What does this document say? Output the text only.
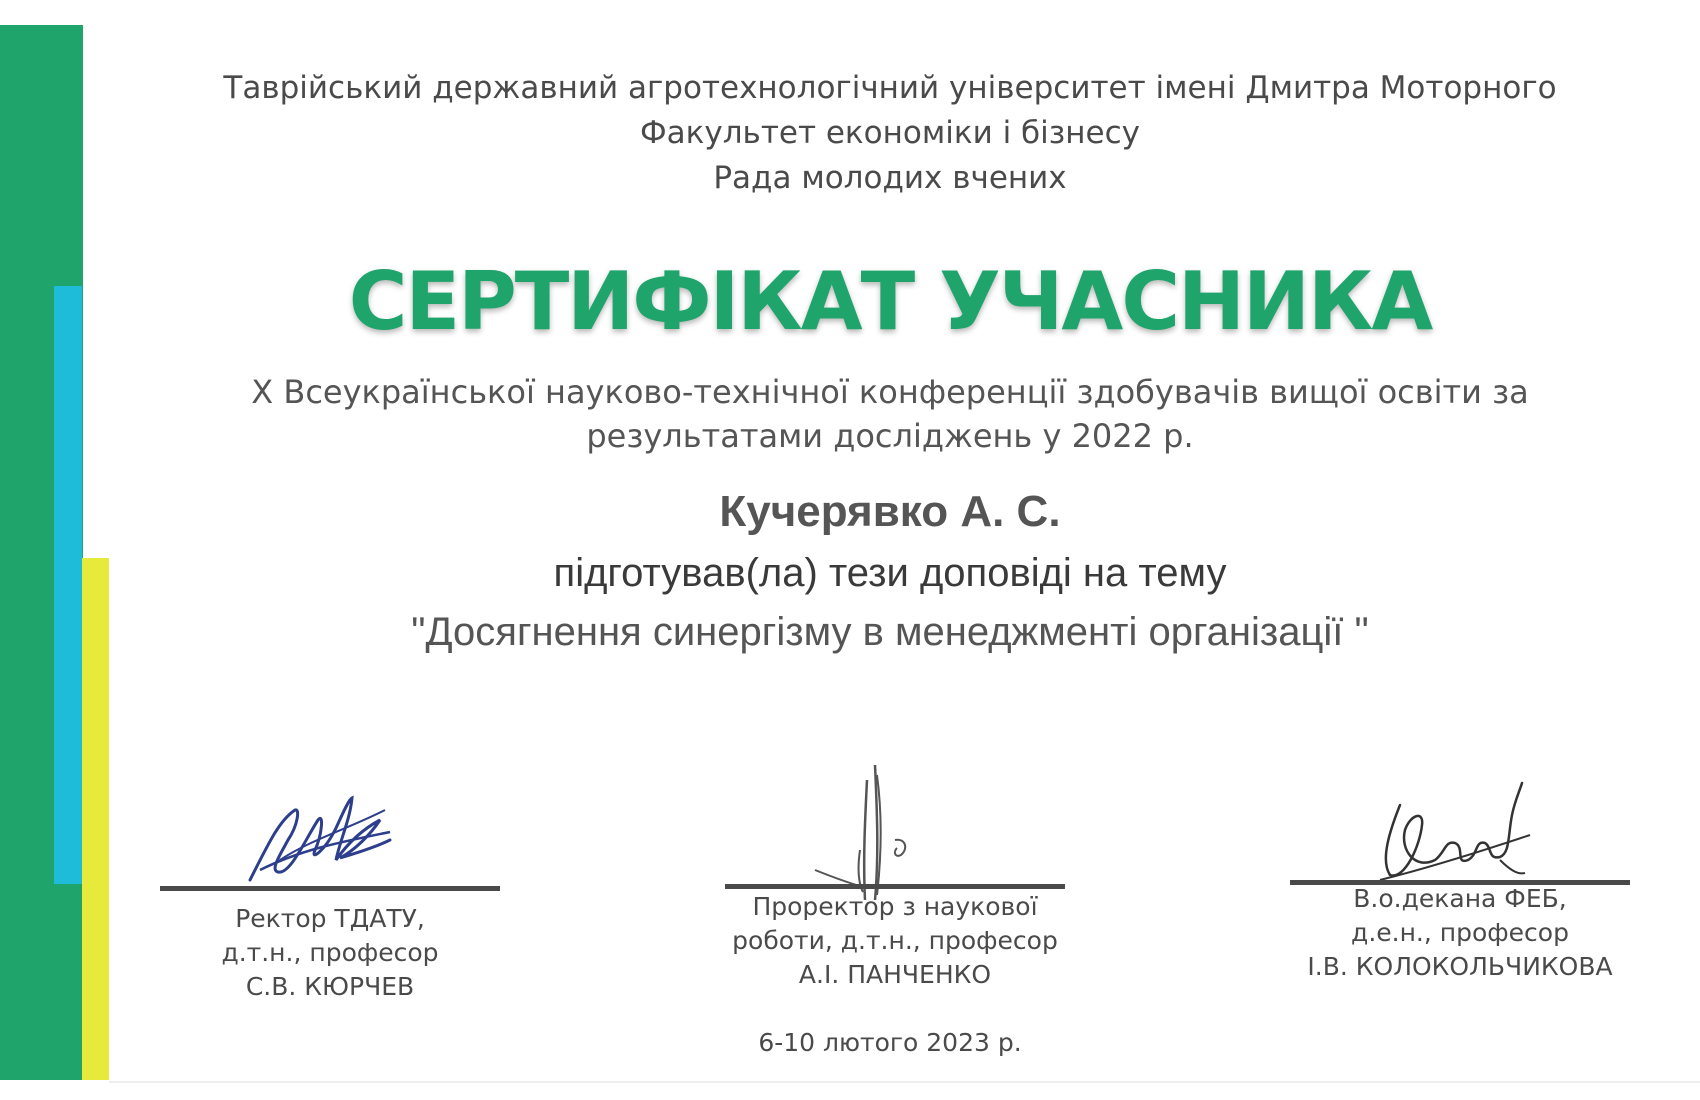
Таврійський державний агротехнологічний університет імені Дмитра Моторного
Факультет економіки і бізнесу
Рада молодих вчених
СЕРТИФІКАТ УЧАСНИКА
Х Всеукраїнської науково-технічної конференції здобувачів вищої освіти за
результатами досліджень у 2022 р.
Кучерявко А. С.
підготував(ла) тези доповіді на тему
"Досягнення синергізму в менеджменті організації "
Ректор ТДАТУ,
д.т.н., професор
С.В. КЮРЧЕВ
Проректор з наукової
роботи, д.т.н., професор
А.І. ПАНЧЕНКО
В.о.декана ФЕБ,
д.е.н., професор
І.В. КОЛОКОЛЬЧИКОВА
6-10 лютого 2023 р.
